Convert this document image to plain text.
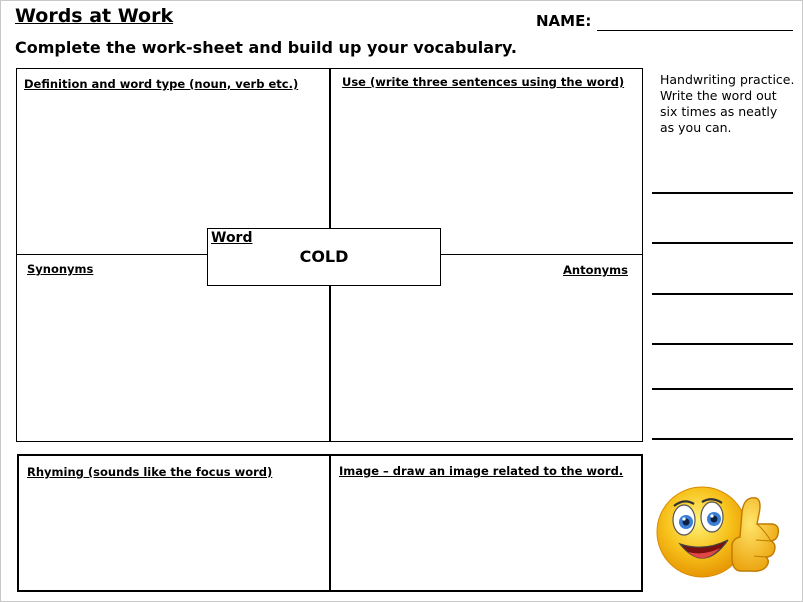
Words at Work	NAME:
Complete the work-sheet and build up your vocabulary.
Definition and word type (noun, verb etc.)	Use (write three sentences using the word)
Synonyms	Antonyms
Word
COLD
Rhyming (sounds like the focus word)	Image – draw an image related to the word.
Handwriting practice.
Write the word out six times as neatly as you can.
